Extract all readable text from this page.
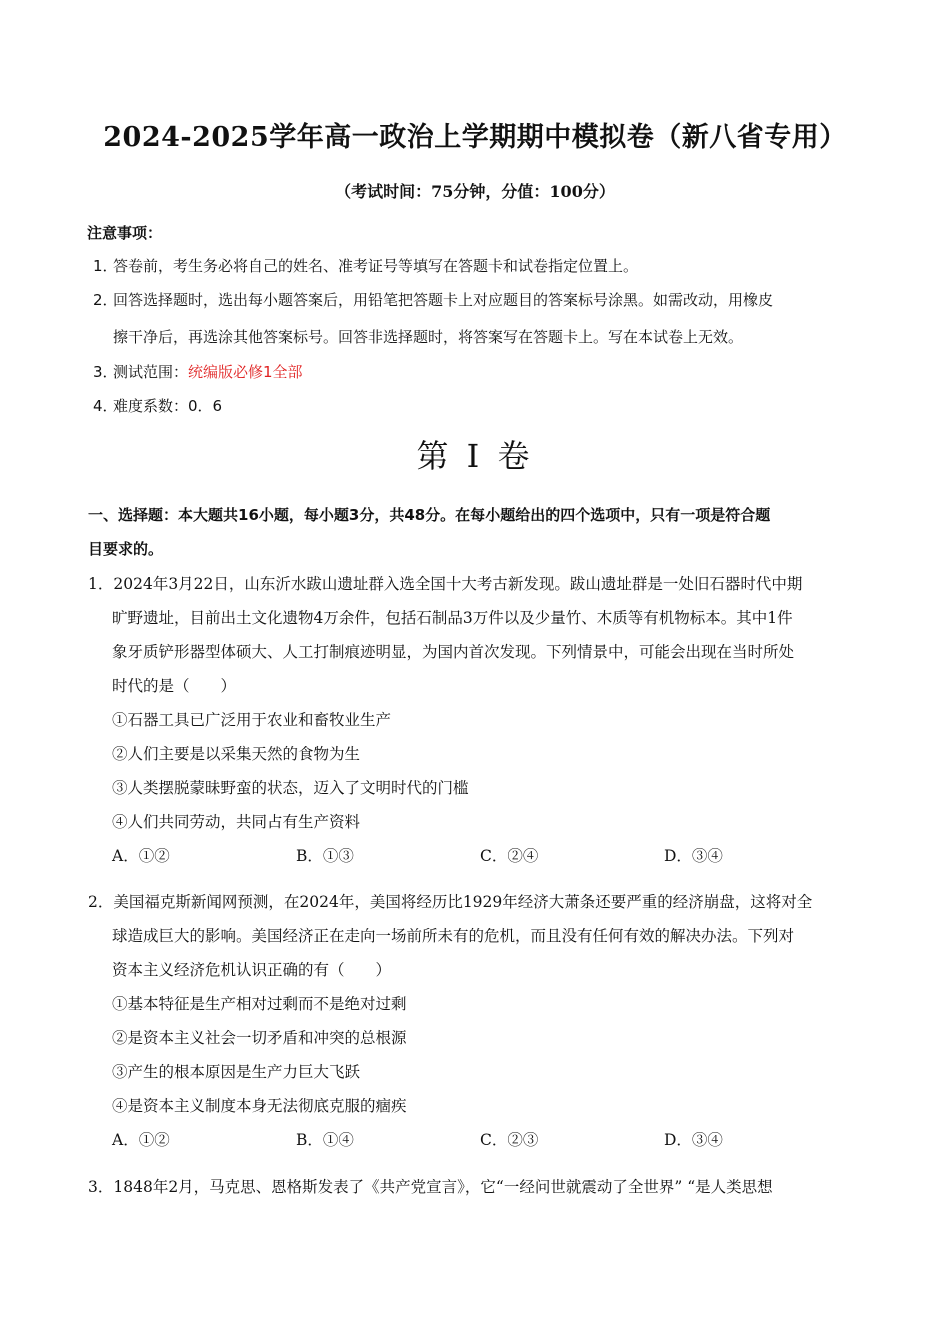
2024-2025学年高一政治上学期期中模拟卷（新八省专用）
（考试时间：75分钟，分值：100分）
注意事项：
1．答卷前，考生务必将自己的姓名、准考证号等填写在答题卡和试卷指定位置上。
2．回答选择题时，选出每小题答案后，用铅笔把答题卡上对应题目的答案标号涂黑。如需改动，用橡皮
擦干净后，再选涂其他答案标号。回答非选择题时，将答案写在答题卡上。写在本试卷上无效。
3．测试范围：统编版必修1全部
4．难度系数：0．6
第 I 卷
一、选择题：本大题共16小题，每小题3分，共48分。在每小题给出的四个选项中，只有一项是符合题
目要求的。
1．2024年3月22日，山东沂水跋山遗址群入选全国十大考古新发现。跋山遗址群是一处旧石器时代中期
旷野遗址，目前出土文化遗物4万余件，包括石制品3万件以及少量竹、木质等有机物标本。其中1件
象牙质铲形器型体硕大、人工打制痕迹明显，为国内首次发现。下列情景中，可能会出现在当时所处
时代的是（　　）
①石器工具已广泛用于农业和畜牧业生产
②人们主要是以采集天然的食物为生
③人类摆脱蒙昧野蛮的状态，迈入了文明时代的门槛
④人们共同劳动，共同占有生产资料
A．①②	B．①③	C．②④	D．③④
2．美国福克斯新闻网预测，在2024年，美国将经历比1929年经济大萧条还要严重的经济崩盘，这将对全
球造成巨大的影响。美国经济正在走向一场前所未有的危机，而且没有任何有效的解决办法。下列对
资本主义经济危机认识正确的有（　　）
①基本特征是生产相对过剩而不是绝对过剩
②是资本主义社会一切矛盾和冲突的总根源
③产生的根本原因是生产力巨大飞跃
④是资本主义制度本身无法彻底克服的痼疾
A．①②	B．①④	C．②③	D．③④
3．1848年2月，马克思、恩格斯发表了《共产党宣言》，它“一经问世就震动了全世界” “是人类思想
